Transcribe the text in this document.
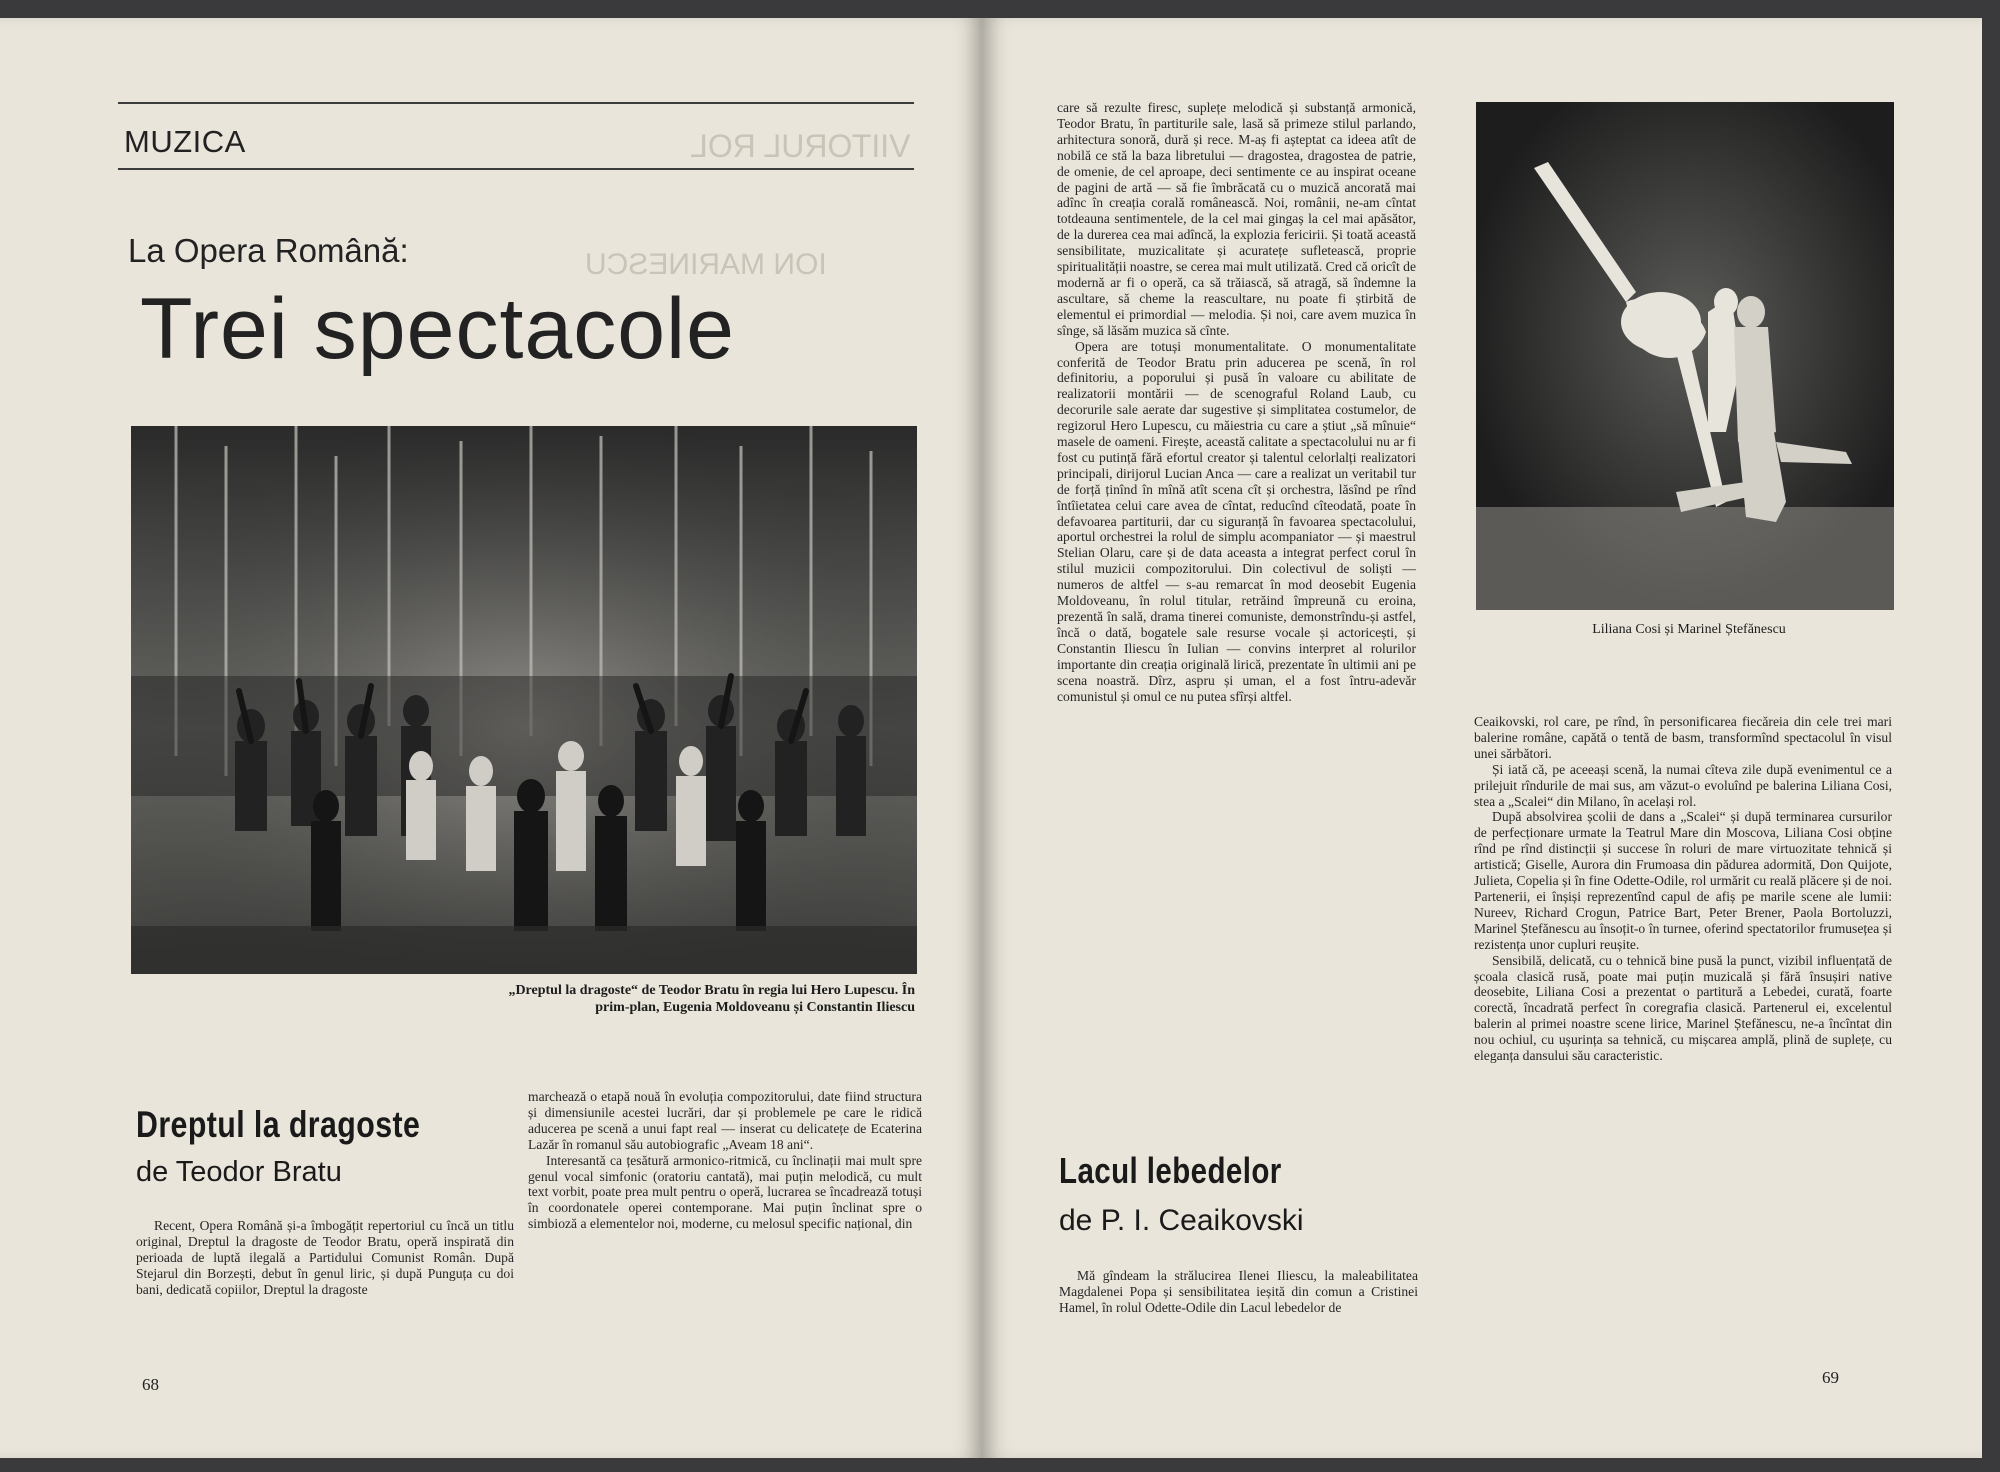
MUZICA	VIITORUL ROL
La Opera Română:	ION MARINESCU
Trei spectacole
„Dreptul la dragoste“ de Teodor Bratu în regia lui Hero Lupescu. În prim-plan, Eugenia Moldoveanu și Constantin Iliescu
Dreptul la dragoste
de Teodor Bratu

Recent, Opera Română și-a îmbogățit repertoriul cu încă un titlu original, Dreptul la dragoste de Teodor Bratu, operă inspirată din perioada de luptă ilegală a Partidului Comunist Român. După Stejarul din Borzești, debut în genul liric, și după Punguța cu doi bani, dedicată copiilor, Dreptul la dragoste

marchează o etapă nouă în evoluția compozitorului, date fiind structura și dimensiunile acestei lucrări, dar și problemele pe care le ridică aducerea pe scenă a unui fapt real — inserat cu delicatețe de Ecaterina Lazăr în romanul său autobiografic „Aveam 18 ani“.

Interesantă ca țesătură armonico-ritmică, cu înclinații mai mult spre genul vocal simfonic (oratoriu cantată), mai puțin melodică, cu mult text vorbit, poate prea mult pentru o operă, lucrarea se încadrează totuși în coordonatele operei contemporane. Mai puțin înclinat spre o simbioză a elementelor noi, moderne, cu melosul specific național, din

68

care să rezulte firesc, suplețe melodică și substanță armonică, Teodor Bratu, în partiturile sale, lasă să primeze stilul parlando, arhitectura sonoră, dură și rece. M-aș fi așteptat ca ideea atît de nobilă ce stă la baza libretului — dragostea, dragostea de patrie, de omenie, de cel aproape, deci sentimente ce au inspirat oceane de pagini de artă — să fie îmbrăcată cu o muzică ancorată mai adînc în creația corală românească. Noi, românii, ne-am cîntat totdeauna sentimentele, de la cel mai gingaș la cel mai apăsător, de la durerea cea mai adîncă, la explozia fericirii. Și toată această sensibilitate, muzicalitate și acuratețe sufletească, proprie spiritualității noastre, se cerea mai mult utilizată. Cred că oricît de modernă ar fi o operă, ca să trăiască, să atragă, să îndemne la ascultare, să cheme la reascultare, nu poate fi știrbită de elementul ei primordial — melodia. Și noi, care avem muzica în sînge, să lăsăm muzica să cînte.

Opera are totuși monumentalitate. O monumentalitate conferită de Teodor Bratu prin aducerea pe scenă, în rol definitoriu, a poporului și pusă în valoare cu abilitate de realizatorii montării — de scenograful Roland Laub, cu decorurile sale aerate dar sugestive și simplitatea costumelor, de regizorul Hero Lupescu, cu măiestria cu care a știut „să mînuie“ masele de oameni. Firește, această calitate a spectacolului nu ar fi fost cu putință fără efortul creator și talentul celorlalți realizatori principali, dirijorul Lucian Anca — care a realizat un veritabil tur de forță ținînd în mînă atît scena cît și orchestra, lăsînd pe rînd întîietatea celui care avea de cîntat, reducînd cîteodată, poate în defavoarea partiturii, dar cu siguranță în favoarea spectacolului, aportul orchestrei la rolul de simplu acompaniator — și maestrul Stelian Olaru, care și de data aceasta a integrat perfect corul în stilul muzicii compozitorului. Din colectivul de soliști — numeros de altfel — s-au remarcat în mod deosebit Eugenia Moldoveanu, în rolul titular, retrăind împreună cu eroina, prezentă în sală, drama tinerei comuniste, demonstrîndu-și astfel, încă o dată, bogatele sale resurse vocale și actoricești, și Constantin Iliescu în Iulian — convins interpret al rolurilor importante din creația originală lirică, prezentate în ultimii ani pe scena noastră. Dîrz, aspru și uman, el a fost întru-adevăr comunistul și omul ce nu putea sfîrși altfel.

Lacul lebedelor
de P. I. Ceaikovski

Mă gîndeam la strălucirea Ilenei Iliescu, la maleabilitatea Magdalenei Popa și sensibilitatea ieșită din comun a Cristinei Hamel, în rolul Odette-Odile din Lacul lebedelor de

Liliana Cosi și Marinel Ștefănescu

Ceaikovski, rol care, pe rînd, în personificarea fiecăreia din cele trei mari balerine române, capătă o tentă de basm, transformînd spectacolul în visul unei sărbători.

Și iată că, pe aceeași scenă, la numai cîteva zile după evenimentul ce a prilejuit rîndurile de mai sus, am văzut-o evoluînd pe balerina Liliana Cosi, stea a „Scalei“ din Milano, în același rol.

După absolvirea școlii de dans a „Scalei“ și după terminarea cursurilor de perfecționare urmate la Teatrul Mare din Moscova, Liliana Cosi obține rînd pe rînd distincții și succese în roluri de mare virtuozitate tehnică și artistică; Giselle, Aurora din Frumoasa din pădurea adormită, Don Quijote, Julieta, Copelia și în fine Odette-Odile, rol urmărit cu reală plăcere și de noi. Partenerii, ei înșiși reprezentînd capul de afiș pe marile scene ale lumii: Nureev, Richard Crogun, Patrice Bart, Peter Brener, Paola Bortoluzzi, Marinel Ștefănescu au însoțit-o în turnee, oferind spectatorilor frumusețea și rezistența unor cupluri reușite.

Sensibilă, delicată, cu o tehnică bine pusă la punct, vizibil influențată de școala clasică rusă, poate mai puțin muzicală și fără însușiri native deosebite, Liliana Cosi a prezentat o partitură a Lebedei, curată, foarte corectă, încadrată perfect în coregrafia clasică. Partenerul ei, excelentul balerin al primei noastre scene lirice, Marinel Ștefănescu, ne-a încîntat din nou ochiul, cu ușurința sa tehnică, cu mișcarea amplă, plină de suplețe, cu eleganța dansului său caracteristic.

69
